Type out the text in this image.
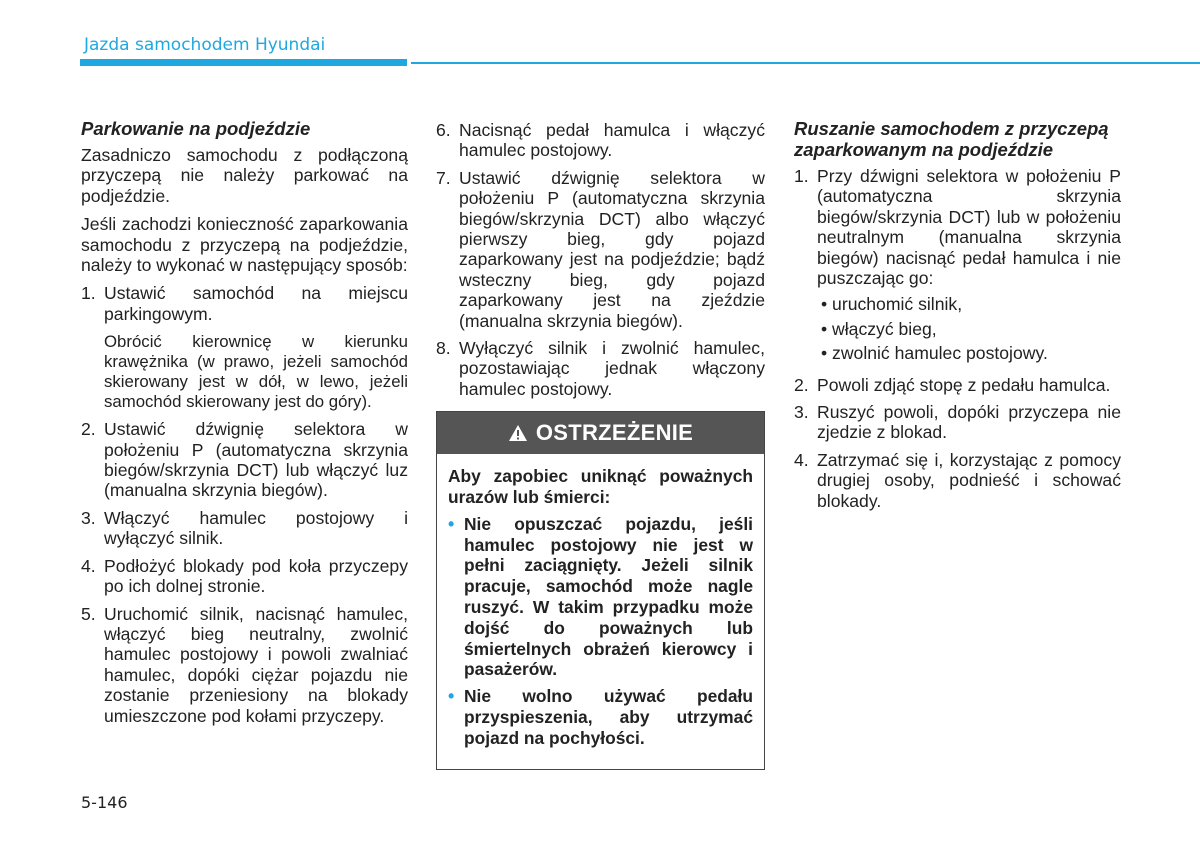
Jazda samochodem Hyundai
Parkowanie na podjeździe
Zasadniczo samochodu z podłączoną przyczepą nie należy parkować na podjeździe.
Jeśli zachodzi konieczność zaparkowania samochodu z przyczepą na podjeździe, należy to wykonać w następujący sposób:
1. Ustawić samochód na miejscu parkingowym.
Obrócić kierownicę w kierunku krawężnika (w prawo, jeżeli samochód skierowany jest w dół, w lewo, jeżeli samochód skierowany jest do góry).
2. Ustawić dźwignię selektora w położeniu P (automatyczna skrzynia biegów/skrzynia DCT) lub włączyć luz (manualna skrzynia biegów).
3. Włączyć hamulec postojowy i wyłączyć silnik.
4. Podłożyć blokady pod koła przyczepy po ich dolnej stronie.
5. Uruchomić silnik, nacisnąć hamulec, włączyć bieg neutralny, zwolnić hamulec postojowy i powoli zwalniać hamulec, dopóki ciężar pojazdu nie zostanie przeniesiony na blokady umieszczone pod kołami przyczepy.
6. Nacisnąć pedał hamulca i włączyć hamulec postojowy.
7. Ustawić dźwignię selektora w położeniu P (automatyczna skrzynia biegów/skrzynia DCT) albo włączyć pierwszy bieg, gdy pojazd zaparkowany jest na podjeździe; bądź wsteczny bieg, gdy pojazd zaparkowany jest na zjeździe (manualna skrzynia biegów).
8. Wyłączyć silnik i zwolnić hamulec, pozostawiając jednak włączony hamulec postojowy.
OSTRZEŻENIE
Aby zapobiec uniknąć poważnych urazów lub śmierci:
• Nie opuszczać pojazdu, jeśli hamulec postojowy nie jest w pełni zaciągnięty. Jeżeli silnik pracuje, samochód może nagle ruszyć. W takim przypadku może dojść do poważnych lub śmiertelnych obrażeń kierowcy i pasażerów.
• Nie wolno używać pedału przyspieszenia, aby utrzymać pojazd na pochyłości.
Ruszanie samochodem z przyczepą zaparkowanym na podjeździe
1. Przy dźwigni selektora w położeniu P (automatyczna skrzynia biegów/skrzynia DCT) lub w położeniu neutralnym (manualna skrzynia biegów) nacisnąć pedał hamulca i nie puszczając go:
• uruchomić silnik,
• włączyć bieg,
• zwolnić hamulec postojowy.
2. Powoli zdjąć stopę z pedału hamulca.
3. Ruszyć powoli, dopóki przyczepa nie zjedzie z blokad.
4. Zatrzymać się i, korzystając z pomocy drugiej osoby, podnieść i schować blokady.
5-146
